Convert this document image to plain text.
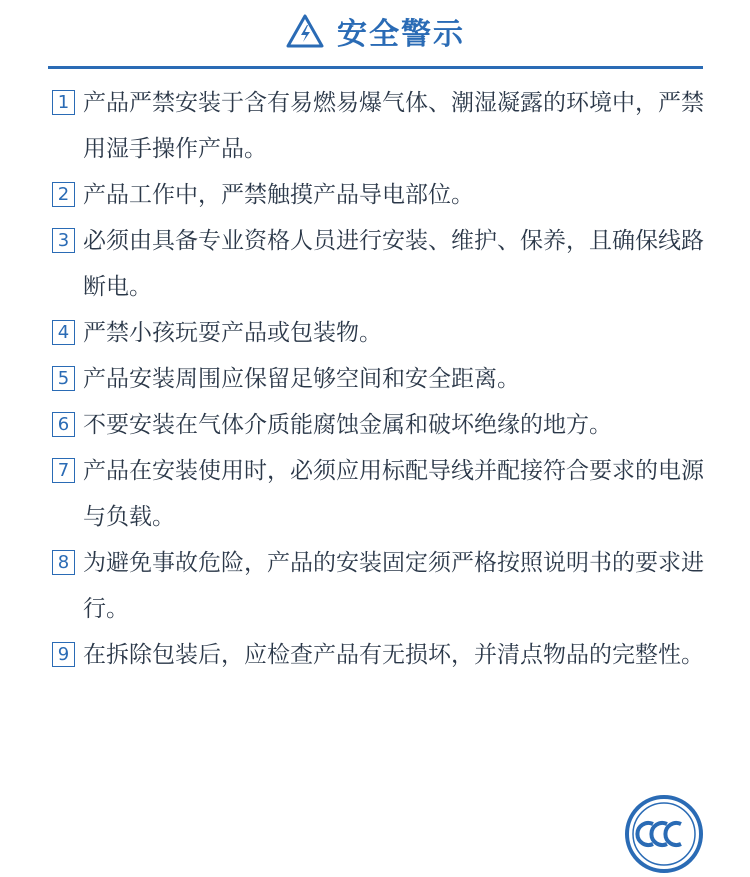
安全警示
1 产品严禁安装于含有易燃易爆气体、潮湿凝露的环境中，严禁用湿手操作产品。
2 产品工作中，严禁触摸产品导电部位。
3 必须由具备专业资格人员进行安装、维护、保养，且确保线路断电。
4 严禁小孩玩耍产品或包装物。
5 产品安装周围应保留足够空间和安全距离。
6 不要安装在气体介质能腐蚀金属和破坏绝缘的地方。
7 产品在安装使用时，必须应用标配导线并配接符合要求的电源与负载。
8 为避免事故危险，产品的安装固定须严格按照说明书的要求进行。
9 在拆除包装后，应检查产品有无损坏，并清点物品的完整性。
